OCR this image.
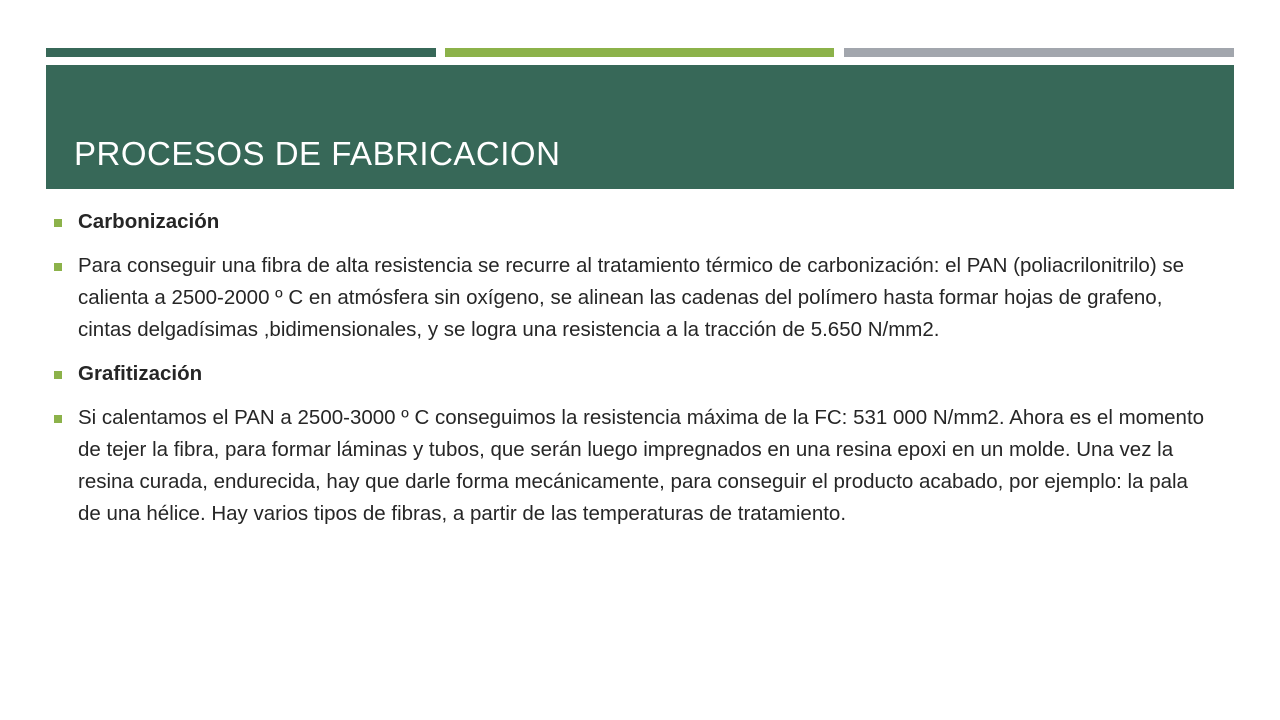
PROCESOS DE FABRICACION
Carbonización
Para conseguir una fibra de alta resistencia se recurre al tratamiento térmico de carbonización: el PAN (poliacrilonitrilo) se calienta a 2500-2000 º C en atmósfera sin oxígeno, se alinean las cadenas del polímero hasta formar hojas de grafeno, cintas delgadísimas ,bidimensionales, y se logra una resistencia a la tracción de 5.650 N/mm2.
Grafitización
Si calentamos el PAN a 2500-3000 º C conseguimos la resistencia máxima de la FC: 531 000 N/mm2. Ahora es el momento de tejer la fibra, para formar láminas y tubos, que serán luego impregnados en una resina epoxi en un molde. Una vez la resina curada, endurecida, hay que darle forma mecánicamente, para conseguir el producto acabado, por ejemplo: la pala de una hélice. Hay varios tipos de fibras, a partir de las temperaturas de tratamiento.
